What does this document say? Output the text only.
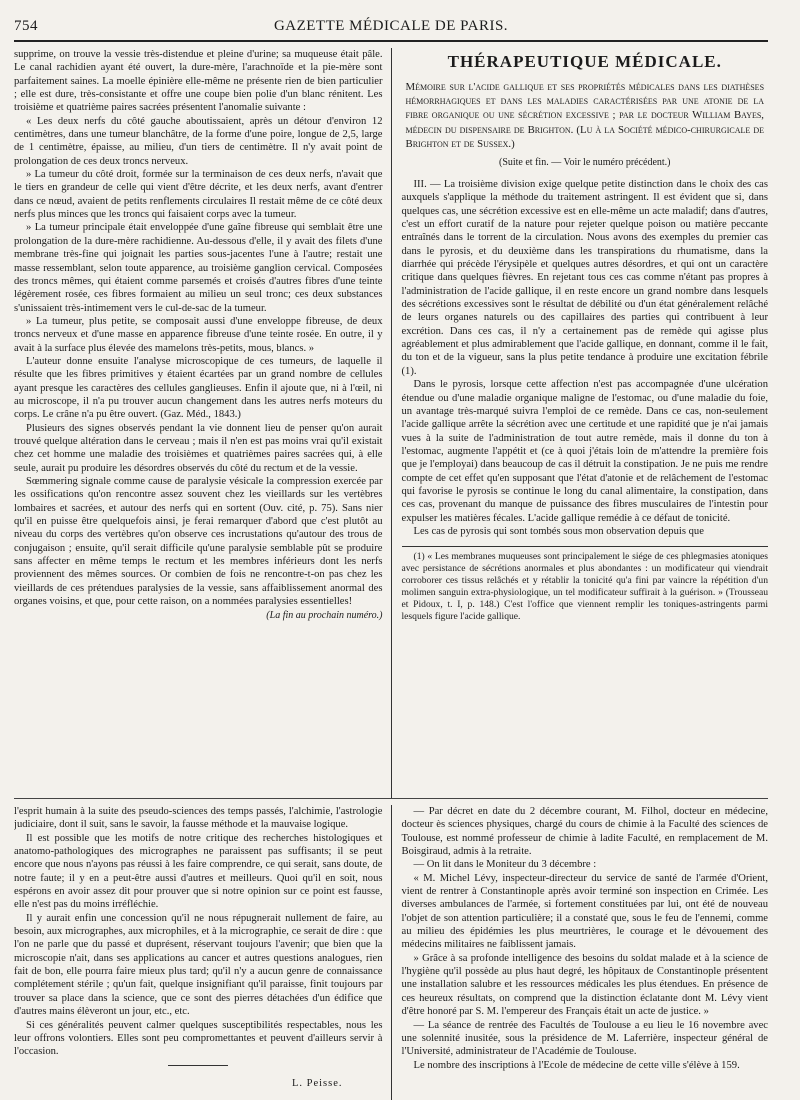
754	GAZETTE MÉDICALE DE PARIS.

supprime, on trouve la vessie très-distendue et pleine d'urine; sa muqueuse était pâle. Le canal rachidien ayant été ouvert, la dure-mère, l'arachnoïde et la pie-mère sont parfaitement saines. La moelle épinière elle-même ne présente rien de bien particulier ; elle est dure, très-consistante et offre une coupe bien polie d'un blanc rénitent. Les troisième et quatrième paires sacrées présentent l'anomalie suivante :

« Les deux nerfs du côté gauche aboutissaient, après un détour d'environ 12 centimètres, dans une tumeur blanchâtre, de la forme d'une poire, longue de 2,5, large de 1 centimètre, épaisse, au milieu, d'un tiers de centimètre. Il n'y avait point de prolongation de ces deux troncs nerveux.

» La tumeur du côté droit, formée sur la terminaison de ces deux nerfs, n'avait que le tiers en grandeur de celle qui vient d'être décrite, et les deux nerfs, avant d'entrer dans ce nœud, avaient de petits renflements circulaires Il restait même de ce côté deux nerfs plus minces que les troncs qui faisaient corps avec la tumeur.

» La tumeur principale était enveloppée d'une gaîne fibreuse qui semblait être une prolongation de la dure-mère rachidienne. Au-dessous d'elle, il y avait des filets d'une membrane très-fine qui joignait les parties sous-jacentes l'une à l'autre; restait une masse ressemblant, selon toute apparence, au troisième ganglion cervical. Composées des troncs mêmes, qui étaient comme parsemés et croisés d'autres fibres d'une teinte légèrement rosée, ces fibres formaient au milieu un seul tronc; ces deux substances s'unissaient très-intimement vers le cul-de-sac de la tumeur.

» La tumeur, plus petite, se composait aussi d'une enveloppe fibreuse, de deux troncs nerveux et d'une masse en apparence fibreuse d'une teinte rosée. En outre, il y avait à la surface plus élevée des mamelons très-petits, mous, blancs. »

L'auteur donne ensuite l'analyse microscopique de ces tumeurs, de laquelle il résulte que les fibres primitives y étaient écartées par un grand nombre de cellules ayant presque les caractères des cellules ganglieuses. Enfin il ajoute que, ni à l'œil, ni au microscope, il n'a pu trouver aucun changement dans les autres nerfs moteurs du corps. Le crâne n'a pu être ouvert. (Gaz. Méd., 1843.)

Plusieurs des signes observés pendant la vie donnent lieu de penser qu'on aurait trouvé quelque altération dans le cerveau ; mais il n'en est pas moins vrai qu'il existait chez cet homme une maladie des troisièmes et quatrièmes paires sacrées qui, à elle seule, aurait pu produire les désordres observés du côté du rectum et de la vessie.

Sœmmering signale comme cause de paralysie vésicale la compression exercée par les ossifications qu'on rencontre assez souvent chez les vieillards sur les vertèbres lombaires et sacrées, et autour des nerfs qui en sortent (Ouv. cité, p. 75). Sans nier qu'il en puisse être quelquefois ainsi, je ferai remarquer d'abord que c'est plutôt au niveau du corps des vertèbres qu'on observe ces incrustations qu'autour des trous de conjugaison ; ensuite, qu'il serait difficile qu'une paralysie semblable pût se produire sans affecter en même temps le rectum et les membres inférieurs dont les nerfs proviennent des mêmes sources. Or combien de fois ne rencontre-t-on pas chez les vieillards de ces prétendues paralysies de la vessie, sans affaiblissement anormal des organes voisins, et que, pour cette raison, on a nommées paralysies essentielles!

(La fin au prochain numéro.)
THÉRAPEUTIQUE MÉDICALE.
Mémoire sur l'acide gallique et ses propriétés médicales dans les diathèses hémorrhagiques et dans les maladies caractérisées par une atonie de la fibre organique ou une sécrétion excessive ; par le docteur William Bayes, médecin du dispensaire de Brighton. (Lu à la Société médico-chirurgicale de Brighton et de Sussex.)
(Suite et fin. — Voir le numéro précédent.)

III. — La troisième division exige quelque petite distinction dans le choix des cas auxquels s'applique la méthode du traitement astringent. Il est évident que si, dans quelques cas, une sécrétion excessive est en elle-même un acte maladif; dans d'autres, c'est un effort curatif de la nature pour rejeter quelque poison ou matière peccante entraînés dans le torrent de la circulation. Nous avons des exemples du premier cas dans le pyrosis, et du deuxième dans les transpirations du rhumatisme, dans la diarrhée qui précède l'érysipèle et quelques autres désordres, et qui ont un caractère critique dans quelques fièvres. En rejetant tous ces cas comme n'étant pas propres à l'administration de l'acide gallique, il en reste encore un grand nombre dans lesquels des sécrétions excessives sont le résultat de débilité ou d'un état généralement relâché de leurs organes naturels ou des capillaires des parties qui contribuent à leur excrétion. Dans ces cas, il n'y a certainement pas de remède qui agisse plus agréablement et plus admirablement que l'acide gallique, en donnant, comme il le fait, du ton et de la vigueur, sans la plus petite tendance à produire une excitation fébrile (1).

Dans le pyrosis, lorsque cette affection n'est pas accompagnée d'une ulcération étendue ou d'une maladie organique maligne de l'estomac, ou d'une maladie du foie, un avantage très-marqué suivra l'emploi de ce remède. Dans ce cas, non-seulement l'acide gallique arrête la sécrétion avec une certitude et une rapidité que je n'ai jamais vues à la suite de l'administration de tout autre remède, mais il donne du ton à l'estomac, augmente l'appétit et (ce à quoi j'étais loin de m'attendre la première fois que je l'employai) dans beaucoup de cas il détruit la constipation. Je ne puis me rendre compte de cet effet qu'en supposant que l'état d'atonie et de relâchement de l'estomac qui favorise le pyrosis se continue le long du canal alimentaire, la constipation, dans ces cas, provenant du manque de puissance des fibres musculaires de l'intestin pour expulser les matières fécales. L'acide gallique remédie à ce défaut de tonicité.

Les cas de pyrosis qui sont tombés sous mon observation depuis que

(1) « Les membranes muqueuses sont principalement le siége de ces phlegmasies atoniques avec persistance de sécrétions anormales et plus abondantes : un modificateur qui viendrait corroborer ces tissus relâchés et y rétablir la tonicité qu'a fini par vaincre la répétition d'un molimen sanguin extra-physiologique, un tel modificateur suffirait à la guérison. » (Trousseau et Pidoux, t. I, p. 148.) C'est l'office que viennent remplir les toniques-astringents parmi lesquels figure l'acide gallique.

l'esprit humain à la suite des pseudo-sciences des temps passés, l'alchimie, l'astrologie judiciaire, dont il suit, sans le savoir, la fausse méthode et la mauvaise logique.

Il est possible que les motifs de notre critique des recherches histologiques et anatomo-pathologiques des micrographes ne paraissent pas suffisants; il se peut encore que nous n'ayons pas réussi à les faire comprendre, ce qui serait, sans doute, de notre faute; il y en a peut-être aussi d'autres et meilleurs. Quoi qu'il en soit, nous espérons en avoir assez dit pour prouver que si notre opinion sur ce point est fausse, elle n'est pas du moins irréfléchie.

Il y aurait enfin une concession qu'il ne nous répugnerait nullement de faire, au besoin, aux micrographes, aux microphiles, et à la micrographie, ce serait de dire : que l'on ne parle que du passé et duprésent, réservant toujours l'avenir; que bien que la microscopie n'ait, dans ses applications au cancer et autres questions analogues, rien fait de bon, elle pourra faire mieux plus tard; qu'il n'y a aucun genre de connaissance complétement stérile ; qu'un fait, quelque insignifiant qu'il paraisse, finit toujours par trouver sa place dans la science, que ce sont des pierres détachées d'un édifice que d'autres mains élèveront un jour, etc., etc.

Si ces généralités peuvent calmer quelques susceptibilités respectables, nous les leur offrons volontiers. Elles sont peu compromettantes et peuvent d'ailleurs servir à l'occasion.

L. Peisse.

— Par décret en date du 2 décembre courant, M. Filhol, docteur en médecine, docteur ès sciences physiques, chargé du cours de chimie à la Faculté des sciences de Toulouse, est nommé professeur de chimie à ladite Faculté, en remplacement de M. Boisgiraud, admis à la retraite.

— On lit dans le Moniteur du 3 décembre :

« M. Michel Lévy, inspecteur-directeur du service de santé de l'armée d'Orient, vient de rentrer à Constantinople après avoir terminé son inspection en Crimée. Les diverses ambulances de l'armée, si fortement constituées par lui, ont été de nouveau l'objet de son attention particulière; il a constaté que, sous le feu de l'ennemi, comme au milieu des épidémies les plus meurtrières, le courage et le dévouement des médecins militaires ne faiblissent jamais.

» Grâce à sa profonde intelligence des besoins du soldat malade et à la science de l'hygiène qu'il possède au plus haut degré, les hôpitaux de Constantinople présentent une installation salubre et les ressources médicales les plus étendues. En présence de ces heureux résultats, on comprend que la distinction éclatante dont M. Lévy vient d'être honoré par S. M. l'empereur des Français était un acte de justice. »

— La séance de rentrée des Facultés de Toulouse a eu lieu le 16 novembre avec une solennité inusitée, sous la présidence de M. Laferrière, inspecteur général de l'Université, administrateur de l'Académie de Toulouse.

Le nombre des inscriptions à l'Ecole de médecine de cette ville s'élève à 159.
